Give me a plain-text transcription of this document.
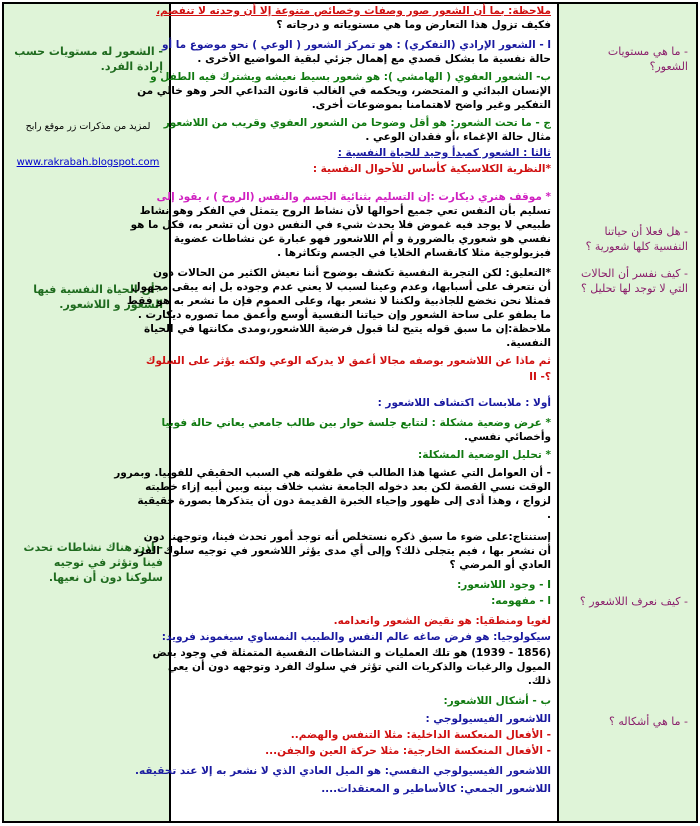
- الشعور له مستويات حسب إرادة الفرد.
لمزيد من مذكرات زر موقع رابح
www.rakrabah.blogspot.com
- أن الحياة النفسية فيها الشعور و اللاشعور.
- إذن هناك نشاطات تحدث فينا وتؤثر في توجيه سلوكنا دون أن نعيها.
ملاحظة: بما أن الشعور صور وصفات وخصائص متنوعة إلا أن وحدته لا تنفصم،
فكيف تزول هذا التعارض وما هي مستوياته و درجاته ؟
ا - الشعور الإرادي (التفكري) : هو تمركز الشعور ( الوعي ) نحو موضوع ما أو
حالة نفسية ما بشكل قصدي مع إهمال جزئي لبقية المواضيع الأخرى .
ب- الشعور العفوي ( الهامشي ): هو شعور بسيط نعيشه ويشترك فيه الطفل و
الإنسان البدائي و المتحضر، ويحكمه في الغالب قانون التداعي الحر وهو خالي من
التفكير وغير واضح لاهتمامنا بموضوعات أخرى.
ج - ما تحت الشعور: هو أقل وضوحا من الشعور العفوي وقريب من اللاشعور
مثال حالة الإغماء ،أو فقدان الوعي .
ثالثا : الشعور كمبدأ وحيد للحياة النفسية :
*النظرية الكلاسيكية كأساس للأحوال النفسية :
* موقف هنري ديكارت :إن التسليم بثنائية الجسم والنفس (الروح ) ، يقود إلى
تسليم بأن النفس تعي جميع أحوالها لأن نشاط الروح يتمثل في الفكر وهو نشاط
طبيعي لا يوجد فيه غموض فلا يحدث شيء في النفس دون أن تشعر به، فكل ما هو
نفسي هو شعوري بالضرورة و أم اللاشعور فهو عبارة عن نشاطات عضوية
فيزيولوجية مثلا كانقسام الخلايا في الجسم وتكاثرها .
*التعليق: لكن التجربة النفسية تكشف بوضوح أننا نعيش الكثير من الحالات دون
أن نتعرف على أسبابها، وعدم وعينا لسبب لا يعني عدم وجوده بل إنه يبقى مجهول
فمثلا نحن نخضع للجاذبية ولكننا لا نشعر بها، وعلى العموم فإن ما نشعر به هو فقط
ما يطفو على ساحة الشعور وإن حياتنا النفسية أوسع وأعمق مما تصوره ديكارت .
ملاحظة:إن ما سبق قوله يتيح لنا قبول فرضية اللاشعور،ومدى مكانتها في الحياة
النفسية.
ثم ماذا عن اللاشعور بوصفه مجالا أعمق لا يدركه الوعي ولكنه يؤثر على السلوك
؟- II
أولا : ملابسات اكتشاف اللاشعور :
* عرض وضعية مشكلة : لتتابع جلسة حوار بين طالب جامعي يعاني حالة فوبيا
وأخصائي نفسي.
* تحليل الوضعية المشكلة:
- أن العوامل التي عشها هذا الطالب في طفولته هي السبب الحقيقي للفوبيا. وبمرور
الوقت نسي القصة لكن بعد دخوله الجامعة نشب خلاف بينه وبين أبيه إزاء خطبته
لزواج ، وهذا أدى إلى ظهور وإحياء الخبرة القديمة دون أن يتذكرها بصورة حقيقية
.
إستنتاج:على ضوء ما سبق ذكره نستخلص أنه توجد أمور تحدث فينا، وتوجهنا دون
أن نشعر بها ، فيم يتجلى ذلك؟ وإلى أي مدى يؤثر اللاشعور في توجيه سلوك الفرد
العادي أو المرضي ؟
I - وجود اللاشعور:
ا - مفهومه:
لغويا ومنطقيا: هو نقيض الشعور وانعدامه.
سيكولوجيا: هو فرض صاغه عالم النفس والطبيب النمساوي سيغموند فرويد:
(1856 - 1939) هو تلك العمليات و النشاطات النفسية المتمثلة في وجود بعض
الميول والرغبات والذكريات التي تؤثر في سلوك الفرد وتوجهه دون أن يعي
ذلك.
ب - أشكال اللاشعور:
اللاشعور الفيسيولوجي :
- الأفعال المنعكسة الداخلية: مثلا التنفس والهضم..
- الأفعال المنعكسة الخارجية: مثلا حركة العين والجفن...
اللاشعور الفيسيولوجي النفسي: هو الميل العادي الذي لا نشعر به إلا عند تحقيقه.
اللاشعور الجمعي: كالأساطير و المعتقدات....
- ما هي مستويات الشعور؟
- هل فعلا أن حياتنا النفسية كلها شعورية ؟
- كيف نفسر أن الحالات التي لا توجد لها تحليل ؟
- كيف نعرف اللاشعور ؟
- ما هي أشكاله ؟
